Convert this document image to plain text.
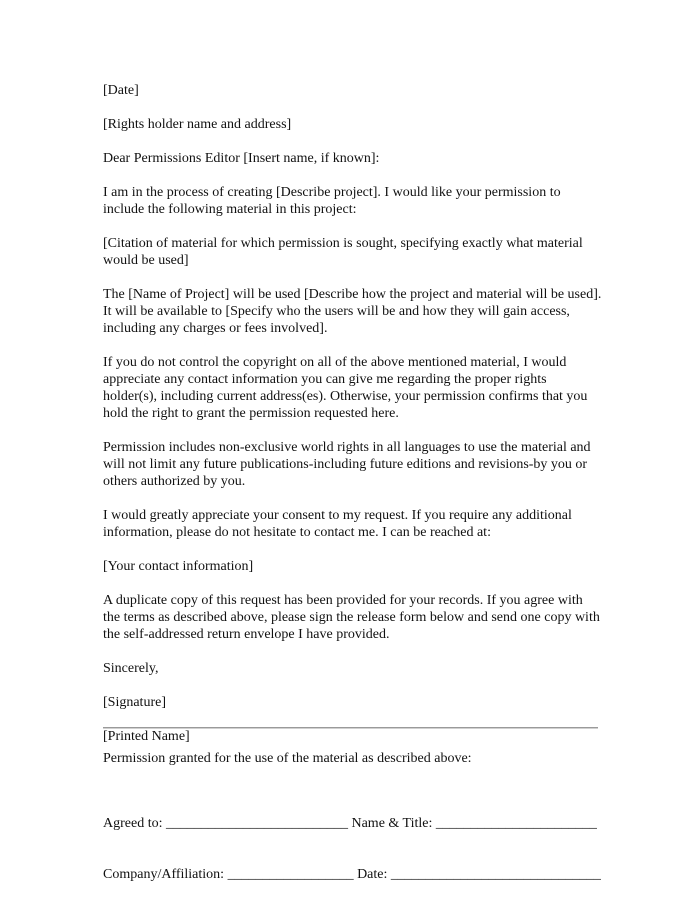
[Date]

[Rights holder name and address]

Dear Permissions Editor [Insert name, if known]:

I am in the process of creating [Describe project]. I would like your permission to include the following material in this project:

[Citation of material for which permission is sought, specifying exactly what material would be used]

The [Name of Project] will be used [Describe how the project and material will be used]. It will be available to [Specify who the users will be and how they will gain access, including any charges or fees involved].

If you do not control the copyright on all of the above mentioned material, I would appreciate any contact information you can give me regarding the proper rights holder(s), including current address(es). Otherwise, your permission confirms that you hold the right to grant the permission requested here.

Permission includes non-exclusive world rights in all languages to use the material and will not limit any future publications-including future editions and revisions-by you or others authorized by you.

I would greatly appreciate your consent to my request. If you require any additional information, please do not hesitate to contact me. I can be reached at:

[Your contact information]

A duplicate copy of this request has been provided for your records. If you agree with the terms as described above, please sign the release form below and send one copy with the self-addressed return envelope I have provided.

Sincerely,

[Signature]

[Printed Name]

Permission granted for the use of the material as described above:

Agreed to: __________________________ Name & Title: _______________________

Company/Affiliation: __________________ Date: ______________________________
